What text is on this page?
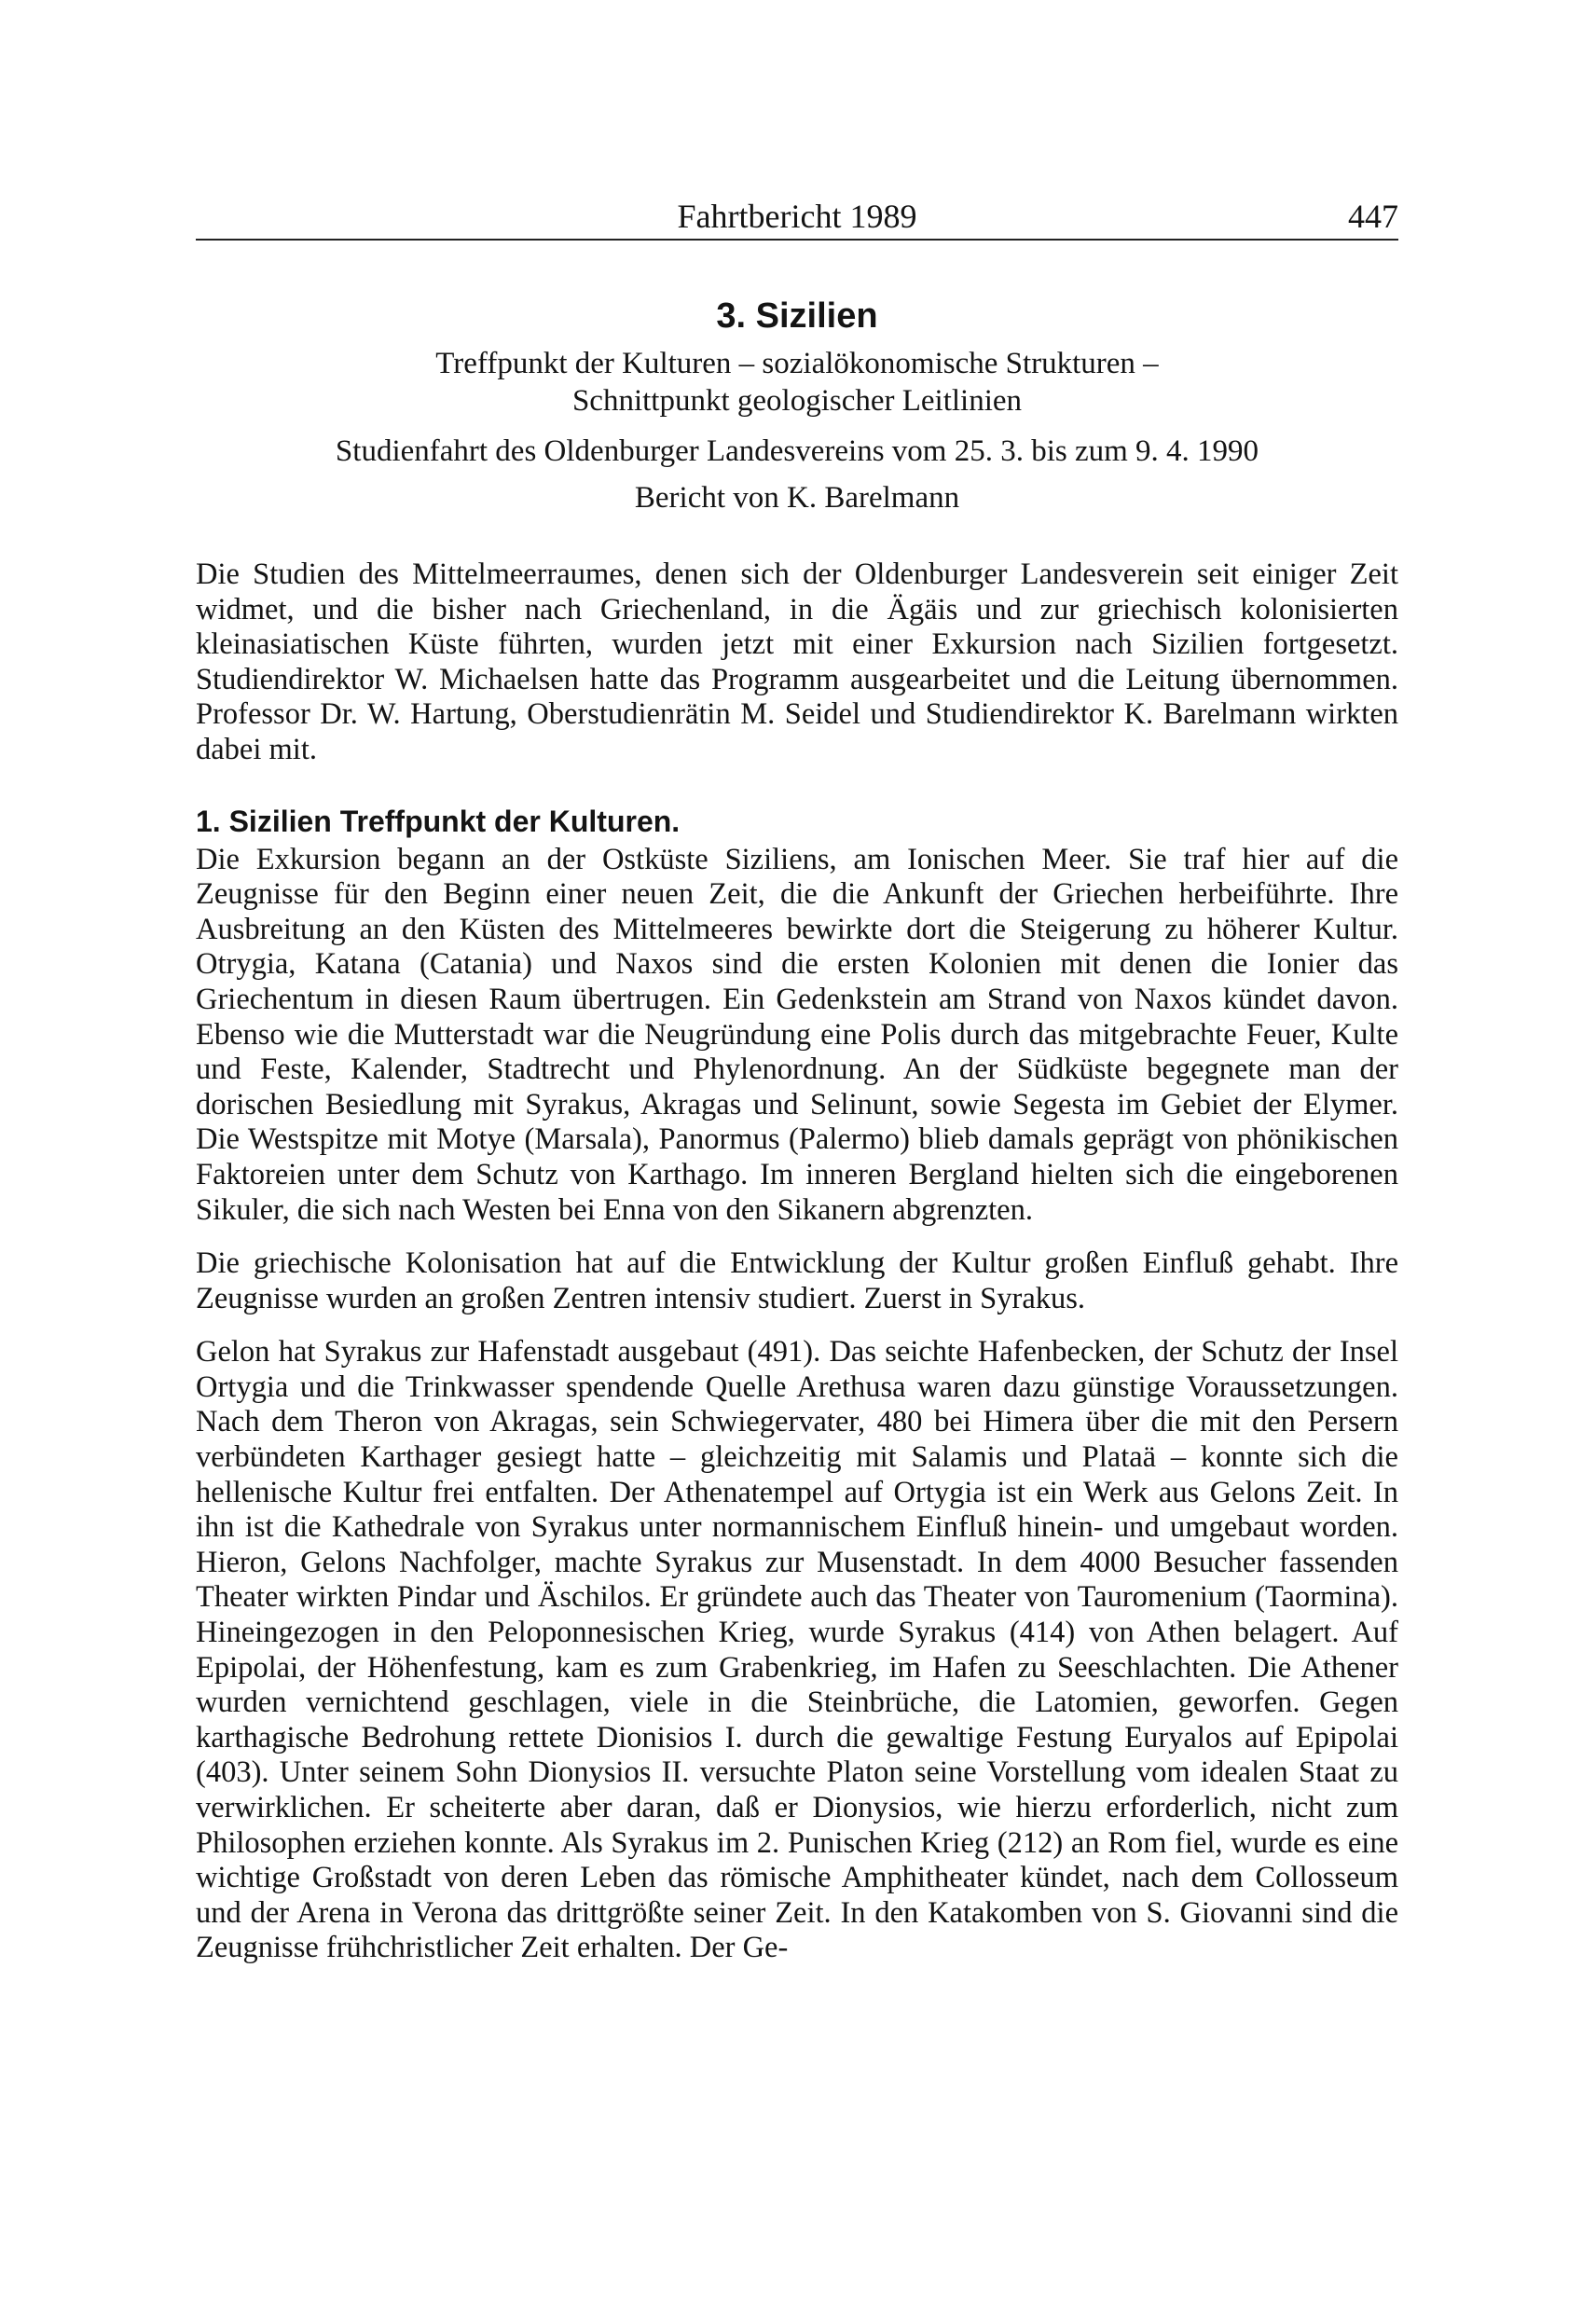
Fahrtbericht 1989	447
3. Sizilien
Treffpunkt der Kulturen – sozialökonomische Strukturen –
Schnittpunkt geologischer Leitlinien
Studienfahrt des Oldenburger Landesvereins vom 25. 3. bis zum 9. 4. 1990
Bericht von K. Barelmann

Die Studien des Mittelmeerraumes, denen sich der Oldenburger Landesverein seit einiger Zeit widmet, und die bisher nach Griechenland, in die Ägäis und zur griechisch kolonisierten kleinasiatischen Küste führten, wurden jetzt mit einer Exkursion nach Sizilien fortgesetzt. Studiendirektor W. Michaelsen hatte das Programm ausgearbeitet und die Leitung übernommen. Professor Dr. W. Hartung, Oberstudienrätin M. Seidel und Studiendirektor K. Barelmann wirkten dabei mit.

1. Sizilien Treffpunkt der Kulturen.

Die Exkursion begann an der Ostküste Siziliens, am Ionischen Meer. Sie traf hier auf die Zeugnisse für den Beginn einer neuen Zeit, die die Ankunft der Griechen herbeiführte. Ihre Ausbreitung an den Küsten des Mittelmeeres bewirkte dort die Steigerung zu höherer Kultur. Otrygia, Katana (Catania) und Naxos sind die ersten Kolonien mit denen die Ionier das Griechentum in diesen Raum übertrugen. Ein Gedenkstein am Strand von Naxos kündet davon. Ebenso wie die Mutterstadt war die Neugründung eine Polis durch das mitgebrachte Feuer, Kulte und Feste, Kalender, Stadtrecht und Phylenordnung. An der Südküste begegnete man der dorischen Besiedlung mit Syrakus, Akragas und Selinunt, sowie Segesta im Gebiet der Elymer. Die Westspitze mit Motye (Marsala), Panormus (Palermo) blieb damals geprägt von phönikischen Faktoreien unter dem Schutz von Karthago. Im inneren Bergland hielten sich die eingeborenen Sikuler, die sich nach Westen bei Enna von den Sikanern abgrenzten.

Die griechische Kolonisation hat auf die Entwicklung der Kultur großen Einfluß gehabt. Ihre Zeugnisse wurden an großen Zentren intensiv studiert. Zuerst in Syrakus.

Gelon hat Syrakus zur Hafenstadt ausgebaut (491). Das seichte Hafenbecken, der Schutz der Insel Ortygia und die Trinkwasser spendende Quelle Arethusa waren dazu günstige Voraussetzungen. Nach dem Theron von Akragas, sein Schwiegervater, 480 bei Himera über die mit den Persern verbündeten Karthager gesiegt hatte – gleichzeitig mit Salamis und Plataä – konnte sich die hellenische Kultur frei entfalten. Der Athenatempel auf Ortygia ist ein Werk aus Gelons Zeit. In ihn ist die Kathedrale von Syrakus unter normannischem Einfluß hinein- und umgebaut worden. Hieron, Gelons Nachfolger, machte Syrakus zur Musenstadt. In dem 4000 Besucher fassenden Theater wirkten Pindar und Äschilos. Er gründete auch das Theater von Tauromenium (Taormina). Hineingezogen in den Peloponnesischen Krieg, wurde Syrakus (414) von Athen belagert. Auf Epipolai, der Höhenfestung, kam es zum Grabenkrieg, im Hafen zu Seeschlachten. Die Athener wurden vernichtend geschlagen, viele in die Steinbrüche, die Latomien, geworfen. Gegen karthagische Bedrohung rettete Dionisios I. durch die gewaltige Festung Euryalos auf Epipolai (403). Unter seinem Sohn Dionysios II. versuchte Platon seine Vorstellung vom idealen Staat zu verwirklichen. Er scheiterte aber daran, daß er Dionysios, wie hierzu erforderlich, nicht zum Philosophen erziehen konnte. Als Syrakus im 2. Punischen Krieg (212) an Rom fiel, wurde es eine wichtige Großstadt von deren Leben das römische Amphitheater kündet, nach dem Collosseum und der Arena in Verona das drittgrößte seiner Zeit. In den Katakomben von S. Giovanni sind die Zeugnisse frühchristlicher Zeit erhalten. Der Ge-
